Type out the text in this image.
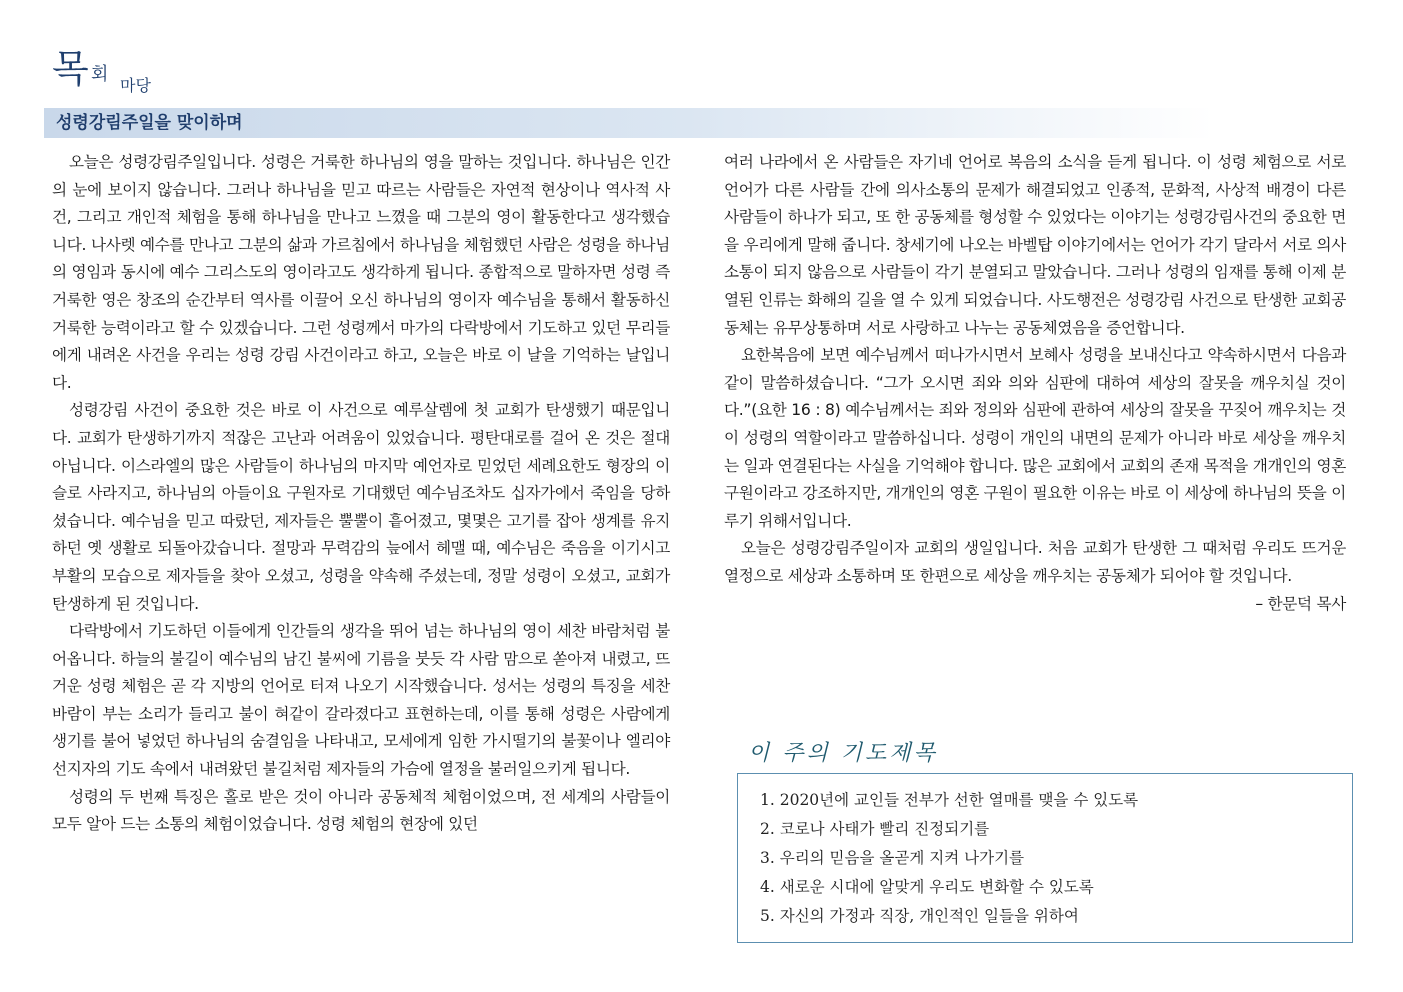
목 회
마당
성령강림주일을 맞이하며

오늘은 성령강림주일입니다. 성령은 거룩한 하나님의 영을 말하는 것입니다. 하나님은 인간의 눈에 보이지 않습니다. 그러나 하나님을 믿고 따르는 사람들은 자연적 현상이나 역사적 사건, 그리고 개인적 체험을 통해 하나님을 만나고 느꼈을 때 그분의 영이 활동한다고 생각했습니다. 나사렛 예수를 만나고 그분의 삶과 가르침에서 하나님을 체험했던 사람은 성령을 하나님의 영임과 동시에 예수 그리스도의 영이라고도 생각하게 됩니다. 종합적으로 말하자면 성령 즉 거룩한 영은 창조의 순간부터 역사를 이끌어 오신 하나님의 영이자 예수님을 통해서 활동하신 거룩한 능력이라고 할 수 있겠습니다. 그런 성령께서 마가의 다락방에서 기도하고 있던 무리들에게 내려온 사건을 우리는 성령 강림 사건이라고 하고, 오늘은 바로 이 날을 기억하는 날입니다.

성령강림 사건이 중요한 것은 바로 이 사건으로 예루살렘에 첫 교회가 탄생했기 때문입니다. 교회가 탄생하기까지 적잖은 고난과 어려움이 있었습니다. 평탄대로를 걸어 온 것은 절대 아닙니다. 이스라엘의 많은 사람들이 하나님의 마지막 예언자로 믿었던 세례요한도 형장의 이슬로 사라지고, 하나님의 아들이요 구원자로 기대했던 예수님조차도 십자가에서 죽임을 당하셨습니다. 예수님을 믿고 따랐던, 제자들은 뿔뿔이 흩어졌고, 몇몇은 고기를 잡아 생계를 유지하던 옛 생활로 되돌아갔습니다. 절망과 무력감의 늪에서 헤맬 때, 예수님은 죽음을 이기시고 부활의 모습으로 제자들을 찾아 오셨고, 성령을 약속해 주셨는데, 정말 성령이 오셨고, 교회가 탄생하게 된 것입니다.

다락방에서 기도하던 이들에게 인간들의 생각을 뛰어 넘는 하나님의 영이 세찬 바람처럼 불어옵니다. 하늘의 불길이 예수님의 남긴 불씨에 기름을 붓듯 각 사람 맘으로 쏟아져 내렸고, 뜨거운 성령 체험은 곧 각 지방의 언어로 터져 나오기 시작했습니다. 성서는 성령의 특징을 세찬 바람이 부는 소리가 들리고 불이 혀같이 갈라졌다고 표현하는데, 이를 통해 성령은 사람에게 생기를 불어 넣었던 하나님의 숨결임을 나타내고, 모세에게 임한 가시떨기의 불꽃이나 엘리야 선지자의 기도 속에서 내려왔던 불길처럼 제자들의 가슴에 열정을 불러일으키게 됩니다.

성령의 두 번째 특징은 홀로 받은 것이 아니라 공동체적 체험이었으며, 전 세계의 사람들이 모두 알아 드는 소통의 체험이었습니다. 성령 체험의 현장에 있던

여러 나라에서 온 사람들은 자기네 언어로 복음의 소식을 듣게 됩니다. 이 성령 체험으로 서로 언어가 다른 사람들 간에 의사소통의 문제가 해결되었고 인종적, 문화적, 사상적 배경이 다른 사람들이 하나가 되고, 또 한 공동체를 형성할 수 있었다는 이야기는 성령강림사건의 중요한 면을 우리에게 말해 줍니다. 창세기에 나오는 바벨탑 이야기에서는 언어가 각기 달라서 서로 의사소통이 되지 않음으로 사람들이 각기 분열되고 말았습니다. 그러나 성령의 임재를 통해 이제 분열된 인류는 화해의 길을 열 수 있게 되었습니다. 사도행전은 성령강림 사건으로 탄생한 교회공동체는 유무상통하며 서로 사랑하고 나누는 공동체였음을 증언합니다.

요한복음에 보면 예수님께서 떠나가시면서 보혜사 성령을 보내신다고 약속하시면서 다음과 같이 말씀하셨습니다. “그가 오시면 죄와 의와 심판에 대하여 세상의 잘못을 깨우치실 것이다.”(요한 16 : 8) 예수님께서는 죄와 정의와 심판에 관하여 세상의 잘못을 꾸짖어 깨우치는 것이 성령의 역할이라고 말씀하십니다. 성령이 개인의 내면의 문제가 아니라 바로 세상을 깨우치는 일과 연결된다는 사실을 기억해야 합니다. 많은 교회에서 교회의 존재 목적을 개개인의 영혼 구원이라고 강조하지만, 개개인의 영혼 구원이 필요한 이유는 바로 이 세상에 하나님의 뜻을 이루기 위해서입니다.

오늘은 성령강림주일이자 교회의 생일입니다. 처음 교회가 탄생한 그 때처럼 우리도 뜨거운 열정으로 세상과 소통하며 또 한편으로 세상을 깨우치는 공동체가 되어야 할 것입니다.

– 한문덕 목사

이 주의 기도제목
1. 2020년에 교인들 전부가 선한 열매를 맺을 수 있도록
2. 코로나 사태가 빨리 진정되기를
3. 우리의 믿음을 올곧게 지켜 나가기를
4. 새로운 시대에 알맞게 우리도 변화할 수 있도록
5. 자신의 가정과 직장, 개인적인 일들을 위하여
